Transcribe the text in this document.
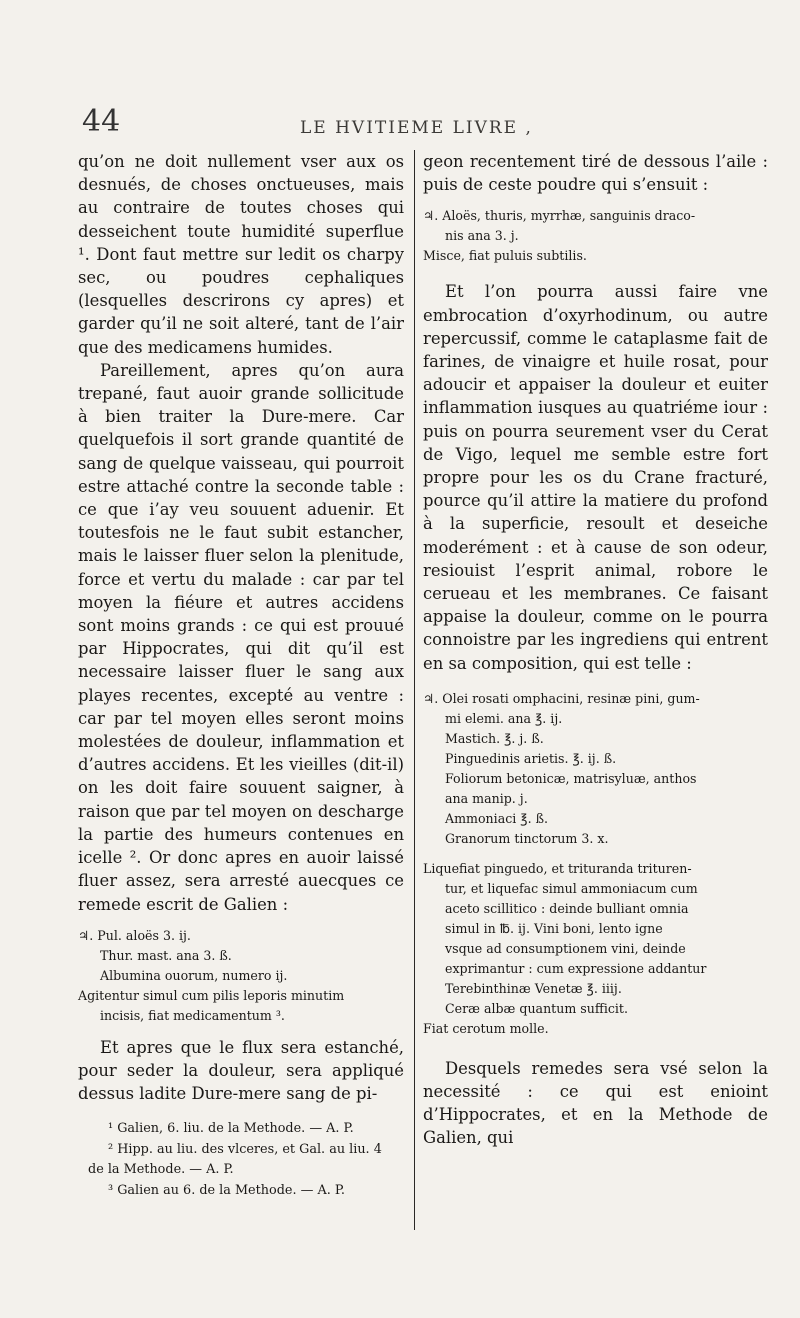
44	LE HVITIEME LIVRE ,

qu’on ne doit nullement vser aux os desnués, de choses onctueuses, mais au contraire de toutes choses qui desseichent toute humidité superflue ¹. Dont faut mettre sur ledit os charpy sec, ou poudres cephaliques (lesquelles descrirons cy apres) et garder qu’il ne soit alteré, tant de l’air que des medicamens humides.

Pareillement, apres qu’on aura trepané, faut auoir grande sollicitude à bien traiter la Dure-mere. Car quelquefois il sort grande quantité de sang de quelque vaisseau, qui pourroit estre attaché contre la seconde table : ce que i’ay veu souuent aduenir. Et toutesfois ne le faut subit estancher, mais le laisser fluer selon la plenitude, force et vertu du malade : car par tel moyen la fiéure et autres accidens sont moins grands : ce qui est prouué par Hippocrates, qui dit qu’il est necessaire laisser fluer le sang aux playes recentes, excepté au ventre : car par tel moyen elles seront moins molestées de douleur, inflammation et d’autres accidens. Et les vieilles (dit-il) on les doit faire souuent saigner, à raison que par tel moyen on descharge la partie des humeurs contenues en icelle ². Or donc apres en auoir laissé fluer assez, sera arresté auecques ce remede escrit de Galien :

♃. Pul. aloës 3. ij.
Thur. mast. ana 3. ß.
Albumina ouorum, numero ij.
Agitentur simul cum pilis leporis minutim
incisis, fiat medicamentum ³.

Et apres que le flux sera estanché, pour seder la douleur, sera appliqué dessus ladite Dure-mere sang de pi-

¹ Galien, 6. liu. de la Methode. — A. P.
² Hipp. au liu. des vlceres, et Gal. au liu. 4
de la Methode. — A. P.
³ Galien au 6. de la Methode. — A. P.

geon recentement tiré de dessous l’aile : puis de ceste poudre qui s’ensuit :

♃. Aloës, thuris, myrrhæ, sanguinis draco-
nis ana 3. j.
Misce, fiat puluis subtilis.

Et l’on pourra aussi faire vne embrocation d’oxyrhodinum, ou autre repercussif, comme le cataplasme fait de farines, de vinaigre et huile rosat, pour adoucir et appaiser la douleur et euiter inflammation iusques au quatriéme iour : puis on pourra seurement vser du Cerat de Vigo, lequel me semble estre fort propre pour les os du Crane fracturé, pource qu’il attire la matiere du profond à la superficie, resoult et deseiche moderément : et à cause de son odeur, resiouist l’esprit animal, robore le cerueau et les membranes. Ce faisant appaise la douleur, comme on le pourra connoistre par les ingrediens qui entrent en sa composition, qui est telle :

♃. Olei rosati omphacini, resinæ pini, gum-
mi elemi. ana ℥. ij.
Mastich. ℥. j. ß.
Pinguedinis arietis. ℥. ij. ß.
Foliorum betonicæ, matrisyluæ, anthos
ana manip. j.
Ammoniaci ℥. ß.
Granorum tinctorum 3. x.
Liquefiat pinguedo, et trituranda trituren-
tur, et liquefac simul ammoniacum cum
aceto scillitico : deinde bulliant omnia
simul in ℔. ij. Vini boni, lento igne
vsque ad consumptionem vini, deinde
exprimantur : cum expressione addantur
Terebinthinæ Venetæ ℥. iiij.
Ceræ albæ quantum sufficit.
Fiat cerotum molle.

Desquels remedes sera vsé selon la necessité : ce qui est enioint d’Hippocrates, et en la Methode de Galien, qui
